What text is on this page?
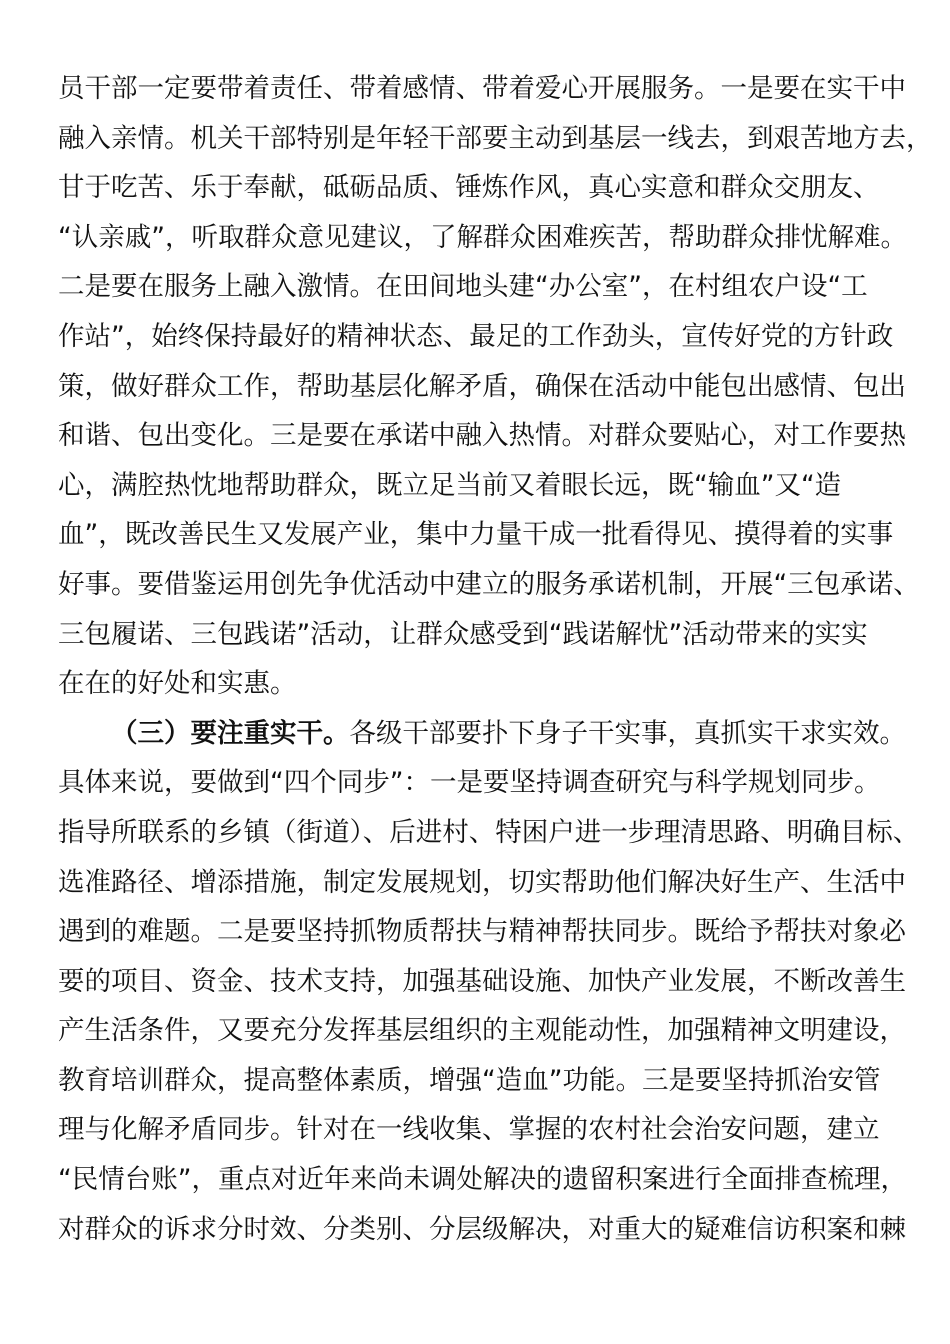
员干部一定要带着责任、带着感情、带着爱心开展服务。一是要在实干中
融入亲情。机关干部特别是年轻干部要主动到基层一线去，到艰苦地方去，
甘于吃苦、乐于奉献，砥砺品质、锤炼作风，真心实意和群众交朋友、
“认亲戚”，听取群众意见建议，了解群众困难疾苦，帮助群众排忧解难。
二是要在服务上融入激情。在田间地头建“办公室”，在村组农户设“工
作站”，始终保持最好的精神状态、最足的工作劲头，宣传好党的方针政
策，做好群众工作，帮助基层化解矛盾，确保在活动中能包出感情、包出
和谐、包出变化。三是要在承诺中融入热情。对群众要贴心，对工作要热
心，满腔热忱地帮助群众，既立足当前又着眼长远，既“输血”又“造
血”，既改善民生又发展产业，集中力量干成一批看得见、摸得着的实事
好事。要借鉴运用创先争优活动中建立的服务承诺机制，开展“三包承诺、
三包履诺、三包践诺”活动，让群众感受到“践诺解忧”活动带来的实实
在在的好处和实惠。
（三）要注重实干。各级干部要扑下身子干实事，真抓实干求实效。
具体来说，要做到“四个同步”：一是要坚持调查研究与科学规划同步。
指导所联系的乡镇（街道）、后进村、特困户进一步理清思路、明确目标、
选准路径、增添措施，制定发展规划，切实帮助他们解决好生产、生活中
遇到的难题。二是要坚持抓物质帮扶与精神帮扶同步。既给予帮扶对象必
要的项目、资金、技术支持，加强基础设施、加快产业发展，不断改善生
产生活条件，又要充分发挥基层组织的主观能动性，加强精神文明建设，
教育培训群众，提高整体素质，增强“造血”功能。三是要坚持抓治安管
理与化解矛盾同步。针对在一线收集、掌握的农村社会治安问题，建立
“民情台账”，重点对近年来尚未调处解决的遗留积案进行全面排查梳理，
对群众的诉求分时效、分类别、分层级解决，对重大的疑难信访积案和棘
